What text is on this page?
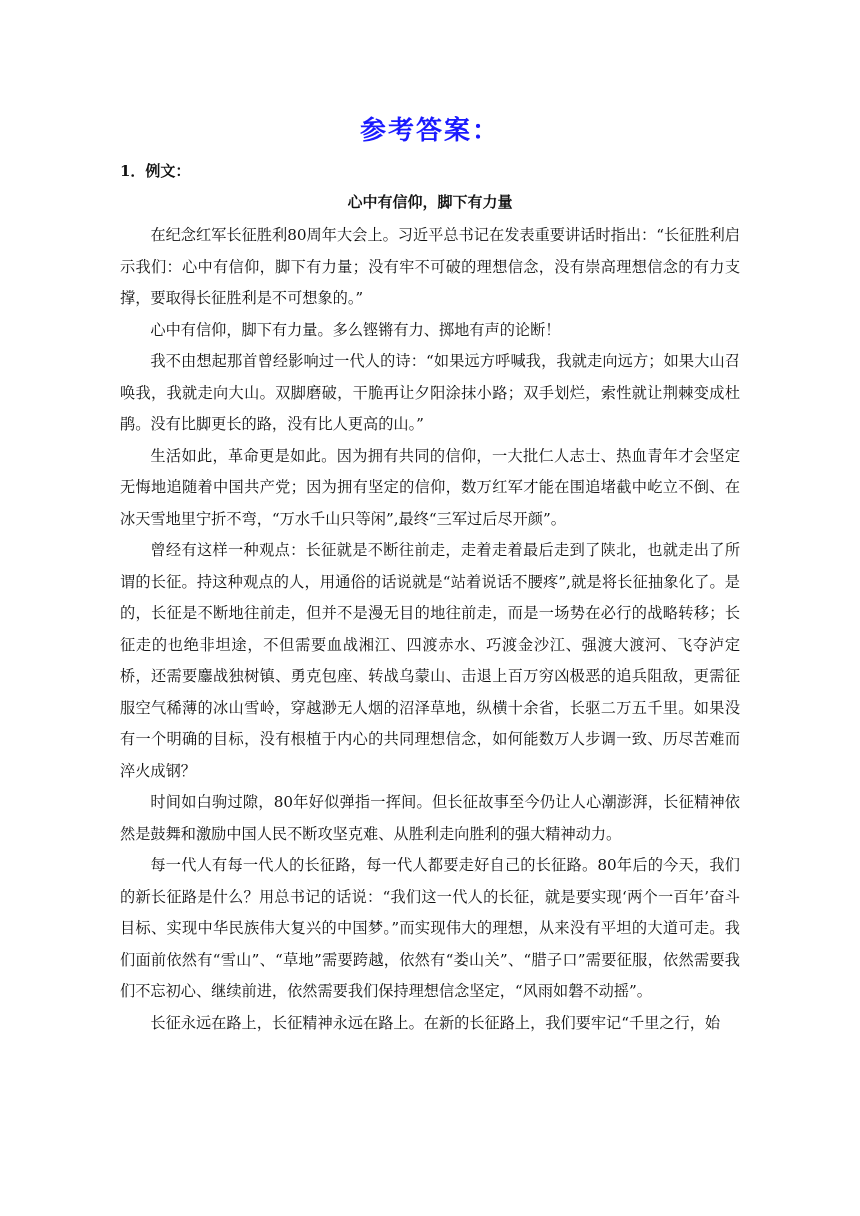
参考答案：
1．例文：
心中有信仰，脚下有力量

在纪念红军长征胜利80周年大会上。习近平总书记在发表重要讲话时指出：“长征胜利启示我们：心中有信仰，脚下有力量；没有牢不可破的理想信念，没有崇高理想信念的有力支撑，要取得长征胜利是不可想象的。”

心中有信仰，脚下有力量。多么铿锵有力、掷地有声的论断！

我不由想起那首曾经影响过一代人的诗：“如果远方呼喊我，我就走向远方；如果大山召唤我，我就走向大山。双脚磨破，干脆再让夕阳涂抹小路；双手划烂，索性就让荆棘变成杜鹃。没有比脚更长的路，没有比人更高的山。”

生活如此，革命更是如此。因为拥有共同的信仰，一大批仁人志士、热血青年才会坚定无悔地追随着中国共产党；因为拥有坚定的信仰，数万红军才能在围追堵截中屹立不倒、在冰天雪地里宁折不弯，“万水千山只等闲”,最终“三军过后尽开颜”。

曾经有这样一种观点：长征就是不断往前走，走着走着最后走到了陕北，也就走出了所谓的长征。持这种观点的人，用通俗的话说就是“站着说话不腰疼”,就是将长征抽象化了。是的，长征是不断地往前走，但并不是漫无目的地往前走，而是一场势在必行的战略转移；长征走的也绝非坦途，不但需要血战湘江、四渡赤水、巧渡金沙江、强渡大渡河、飞夺泸定桥，还需要鏖战独树镇、勇克包座、转战乌蒙山、击退上百万穷凶极恶的追兵阻敌，更需征服空气稀薄的冰山雪岭，穿越渺无人烟的沼泽草地，纵横十余省，长驱二万五千里。如果没有一个明确的目标，没有根植于内心的共同理想信念，如何能数万人步调一致、历尽苦难而淬火成钢？

时间如白驹过隙，80年好似弹指一挥间。但长征故事至今仍让人心潮澎湃，长征精神依然是鼓舞和激励中国人民不断攻坚克难、从胜利走向胜利的强大精神动力。

每一代人有每一代人的长征路，每一代人都要走好自己的长征路。80年后的今天，我们的新长征路是什么？用总书记的话说：“我们这一代人的长征，就是要实现‘两个一百年’奋斗目标、实现中华民族伟大复兴的中国梦。”而实现伟大的理想，从来没有平坦的大道可走。我们面前依然有“雪山”、“草地”需要跨越，依然有“娄山关”、“腊子口”需要征服，依然需要我们不忘初心、继续前进，依然需要我们保持理想信念坚定，“风雨如磐不动摇”。

长征永远在路上，长征精神永远在路上。在新的长征路上，我们要牢记“千里之行，始
